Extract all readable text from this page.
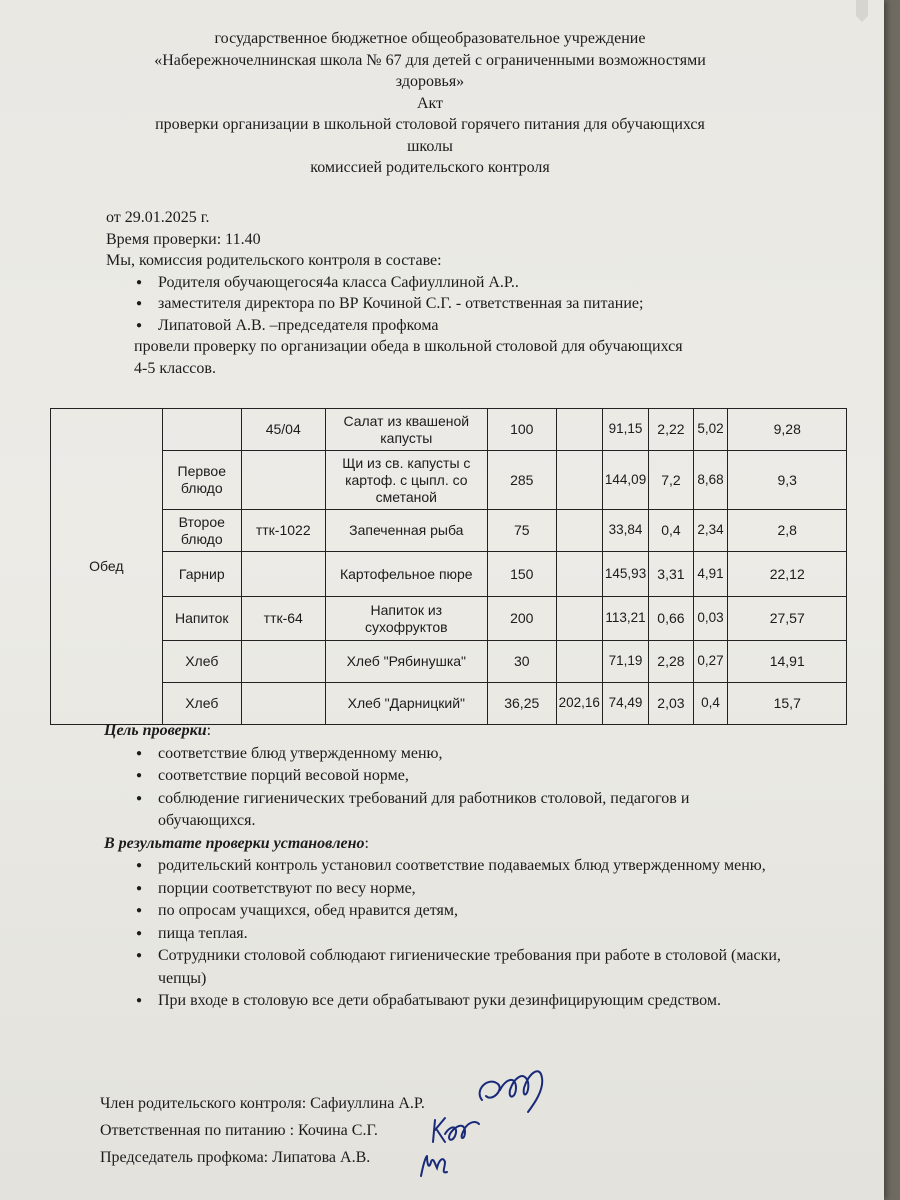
государственное бюджетное общеобразовательное учреждение
«Набережночелнинская школа № 67 для детей с ограниченными возможностями
здоровья»
Акт
проверки организации в школьной столовой горячего питания для обучающихся
школы
комиссией родительского контроля
от 29.01.2025 г.
Время проверки: 11.40
Мы, комиссия родительского контроля в составе:
● Родителя обучающегося4а класса Сафиуллиной А.Р..
● заместителя директора по ВР Кочиной С.Г. - ответственная за питание;
● Липатовой А.В. –председателя профкома
провели проверку по организации обеда в школьной столовой для обучающихся
4-5 классов.
Обед		45/04	Салат из квашеной капусты	100		91,15	2,22	5,02	9,28
	Первое блюдо		Щи из св. капусты с картоф. с цыпл. со сметаной	285		144,09	7,2	8,68	9,3
	Второе блюдо	ттк-1022	Запеченная рыба	75		33,84	0,4	2,34	2,8
	Гарнир		Картофельное пюре	150		145,93	3,31	4,91	22,12
	Напиток	ттк-64	Напиток из сухофруктов	200		113,21	0,66	0,03	27,57
	Хлеб		Хлеб "Рябинушка"	30		71,19	2,28	0,27	14,91
	Хлеб		Хлеб "Дарницкий"	36,25	202,16	74,49	2,03	0,4	15,7
Цель проверки:
● соответствие блюд утвержденному меню,
● соответствие порций весовой норме,
● соблюдение гигиенических требований для работников столовой, педагогов и обучающихся.
В результате проверки установлено:
● родительский контроль установил соответствие подаваемых блюд утвержденному меню,
● порции соответствуют по весу норме,
● по опросам учащихся, обед нравится детям,
● пища теплая.
● Сотрудники столовой соблюдают гигиенические требования при работе в столовой (маски, чепцы)
● При входе в столовую все дети обрабатывают руки дезинфицирующим средством.
Член родительского контроля: Сафиуллина А.Р.
Ответственная по питанию : Кочина С.Г.
Председатель профкома: Липатова А.В.
